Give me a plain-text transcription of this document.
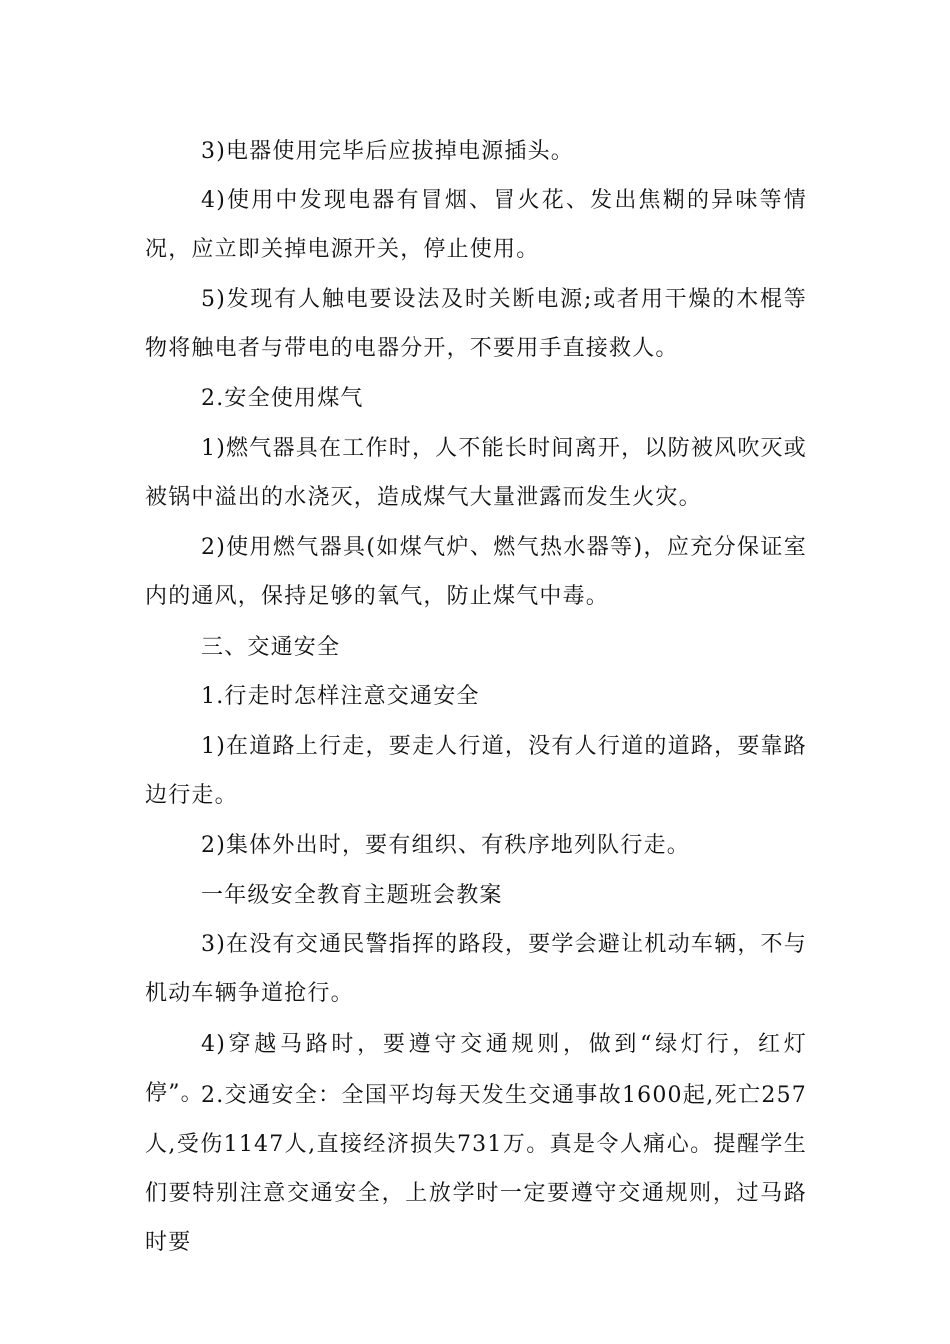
3)电器使用完毕后应拔掉电源插头。

4)使用中发现电器有冒烟、冒火花、发出焦糊的异味等情况，应立即关掉电源开关，停止使用。

5)发现有人触电要设法及时关断电源;或者用干燥的木棍等物将触电者与带电的电器分开，不要用手直接救人。

2.安全使用煤气

1)燃气器具在工作时，人不能长时间离开，以防被风吹灭或被锅中溢出的水浇灭，造成煤气大量泄露而发生火灾。

2)使用燃气器具(如煤气炉、燃气热水器等)，应充分保证室内的通风，保持足够的氧气，防止煤气中毒。

三、交通安全

1.行走时怎样注意交通安全

1)在道路上行走，要走人行道，没有人行道的道路，要靠路边行走。

2)集体外出时，要有组织、有秩序地列队行走。

一年级安全教育主题班会教案

3)在没有交通民警指挥的路段，要学会避让机动车辆，不与机动车辆争道抢行。

4)穿越马路时，要遵守交通规则，做到“绿灯行，红灯停”。

2.交通安全：全国平均每天发生交通事故1600起,死亡257人,受伤1147人,直接经济损失731万。真是令人痛心。提醒学生们要特别注意交通安全，上放学时一定要遵守交通规则，过马路时要
